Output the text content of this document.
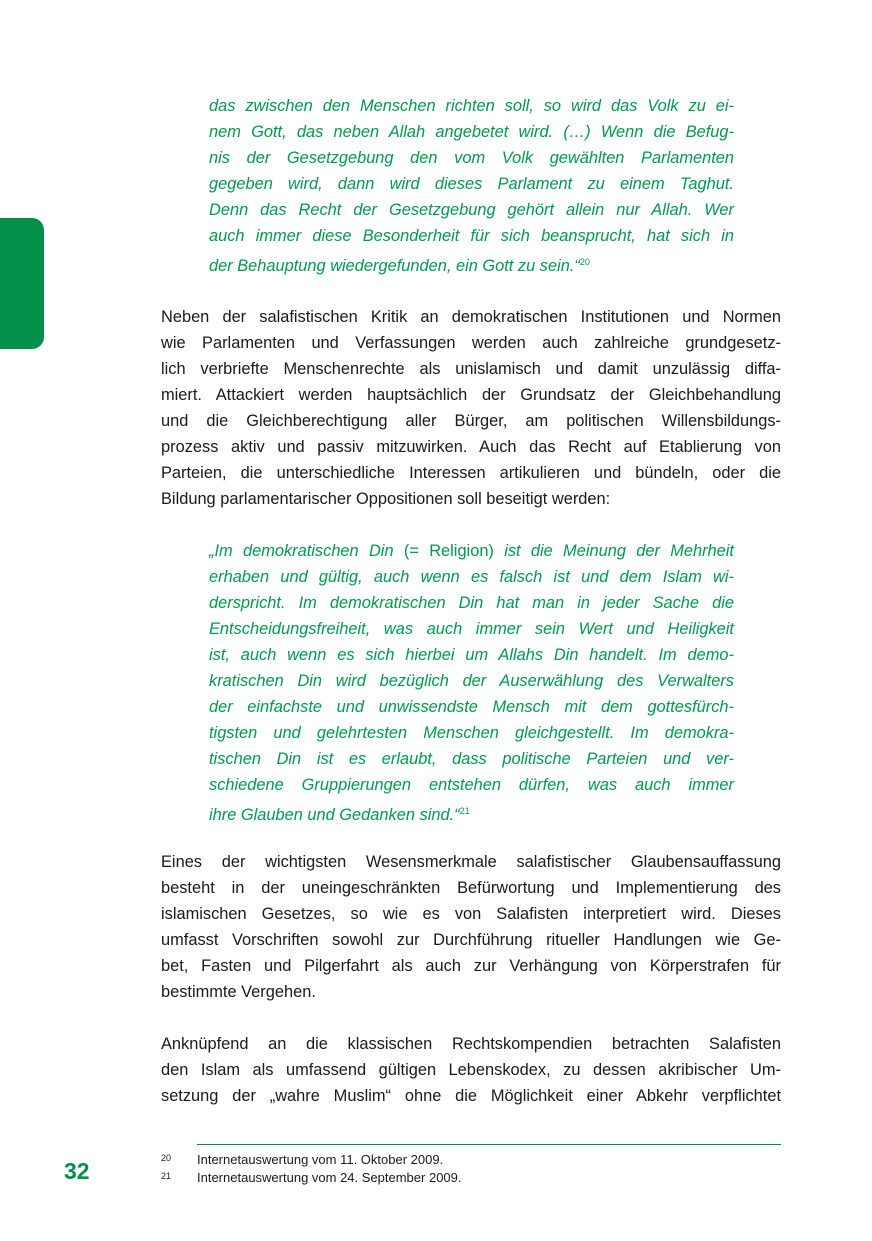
das zwischen den Menschen richten soll, so wird das Volk zu ei-
nem Gott, das neben Allah angebetet wird. (…) Wenn die Befug-
nis der Gesetzgebung den vom Volk gewählten Parlamenten
gegeben wird, dann wird dieses Parlament zu einem Taghut.
Denn das Recht der Gesetzgebung gehört allein nur Allah. Wer
auch immer diese Besonderheit für sich beansprucht, hat sich in
der Behauptung wiedergefunden, ein Gott zu sein.“$^{20}$
Neben der salafistischen Kritik an demokratischen Institutionen und Normen
wie Parlamenten und Verfassungen werden auch zahlreiche grundgesetz-
lich verbriefte Menschenrechte als unislamisch und damit unzulässig diffa-
miert. Attackiert werden hauptsächlich der Grundsatz der Gleichbehandlung
und die Gleichberechtigung aller Bürger, am politischen Willensbildungs-
prozess aktiv und passiv mitzuwirken. Auch das Recht auf Etablierung von
Parteien, die unterschiedliche Interessen artikulieren und bündeln, oder die
Bildung parlamentarischer Oppositionen soll beseitigt werden:
„Im demokratischen Din (= Religion) ist die Meinung der Mehrheit
erhaben und gültig, auch wenn es falsch ist und dem Islam wi-
derspricht. Im demokratischen Din hat man in jeder Sache die
Entscheidungsfreiheit, was auch immer sein Wert und Heiligkeit
ist, auch wenn es sich hierbei um Allahs Din handelt. Im demo-
kratischen Din wird bezüglich der Auserwählung des Verwalters
der einfachste und unwissendste Mensch mit dem gottesfürch-
tigsten und gelehrtesten Menschen gleichgestellt. Im demokra-
tischen Din ist es erlaubt, dass politische Parteien und ver-
schiedene Gruppierungen entstehen dürfen, was auch immer
ihre Glauben und Gedanken sind.“$^{21}$
Eines der wichtigsten Wesensmerkmale salafistischer Glaubensauffassung
besteht in der uneingeschränkten Befürwortung und Implementierung des
islamischen Gesetzes, so wie es von Salafisten interpretiert wird. Dieses
umfasst Vorschriften sowohl zur Durchführung ritueller Handlungen wie Ge-
bet, Fasten und Pilgerfahrt als auch zur Verhängung von Körperstrafen für
bestimmte Vergehen.
Anknüpfend an die klassischen Rechtskompendien betrachten Salafisten
den Islam als umfassend gültigen Lebenskodex, zu dessen akribischer Um-
setzung der „wahre Muslim“ ohne die Möglichkeit einer Abkehr verpflichtet
20 Internetauswertung vom 11. Oktober 2009.
21 Internetauswertung vom 24. September 2009.
32
